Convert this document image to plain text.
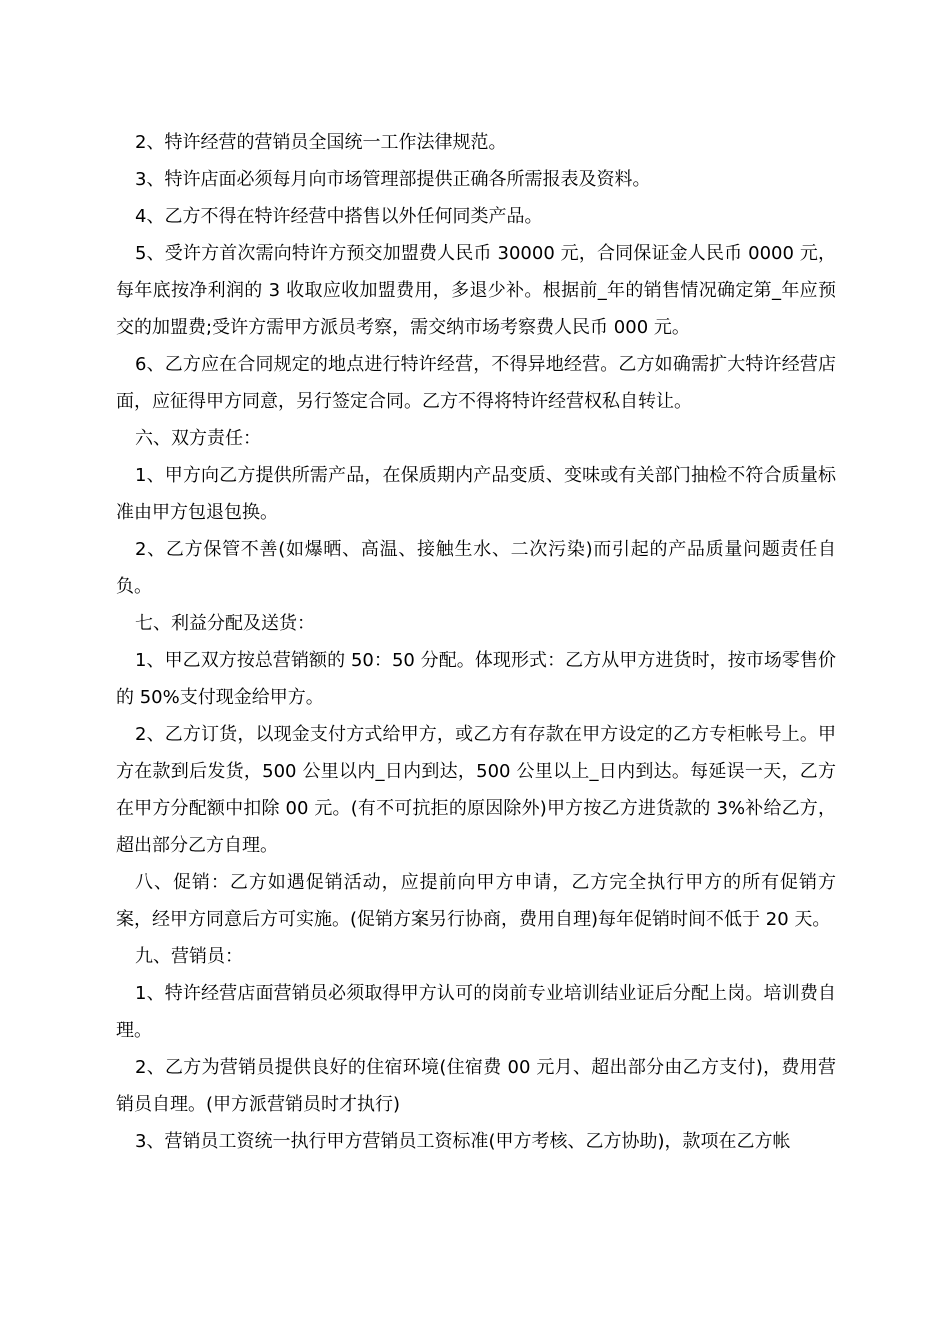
2、特许经营的营销员全国统一工作法律规范。

3、特许店面必须每月向市场管理部提供正确各所需报表及资料。

4、乙方不得在特许经营中搭售以外任何同类产品。

5、受许方首次需向特许方预交加盟费人民币 30000 元，合同保证金人民币 0000 元，每年底按净利润的 3 收取应收加盟费用，多退少补。根据前_年的销售情况确定第_年应预交的加盟费;受许方需甲方派员考察，需交纳市场考察费人民币 000 元。

6、乙方应在合同规定的地点进行特许经营，不得异地经营。乙方如确需扩大特许经营店面，应征得甲方同意，另行签定合同。乙方不得将特许经营权私自转让。

六、双方责任：

1、甲方向乙方提供所需产品，在保质期内产品变质、变味或有关部门抽检不符合质量标准由甲方包退包换。

2、乙方保管不善(如爆晒、高温、接触生水、二次污染)而引起的产品质量问题责任自负。

七、利益分配及送货：

1、甲乙双方按总营销额的 50：50 分配。体现形式：乙方从甲方进货时，按市场零售价的 50%支付现金给甲方。

2、乙方订货，以现金支付方式给甲方，或乙方有存款在甲方设定的乙方专柜帐号上。甲方在款到后发货，500 公里以内_日内到达，500 公里以上_日内到达。每延误一天，乙方在甲方分配额中扣除 00 元。(有不可抗拒的原因除外)甲方按乙方进货款的 3%补给乙方，超出部分乙方自理。

八、促销：乙方如遇促销活动，应提前向甲方申请，乙方完全执行甲方的所有促销方案，经甲方同意后方可实施。(促销方案另行协商，费用自理)每年促销时间不低于 20 天。

九、营销员：

1、特许经营店面营销员必须取得甲方认可的岗前专业培训结业证后分配上岗。培训费自理。

2、乙方为营销员提供良好的住宿环境(住宿费 00 元月、超出部分由乙方支付)，费用营销员自理。(甲方派营销员时才执行)

3、营销员工资统一执行甲方营销员工资标准(甲方考核、乙方协助)，款项在乙方帐
